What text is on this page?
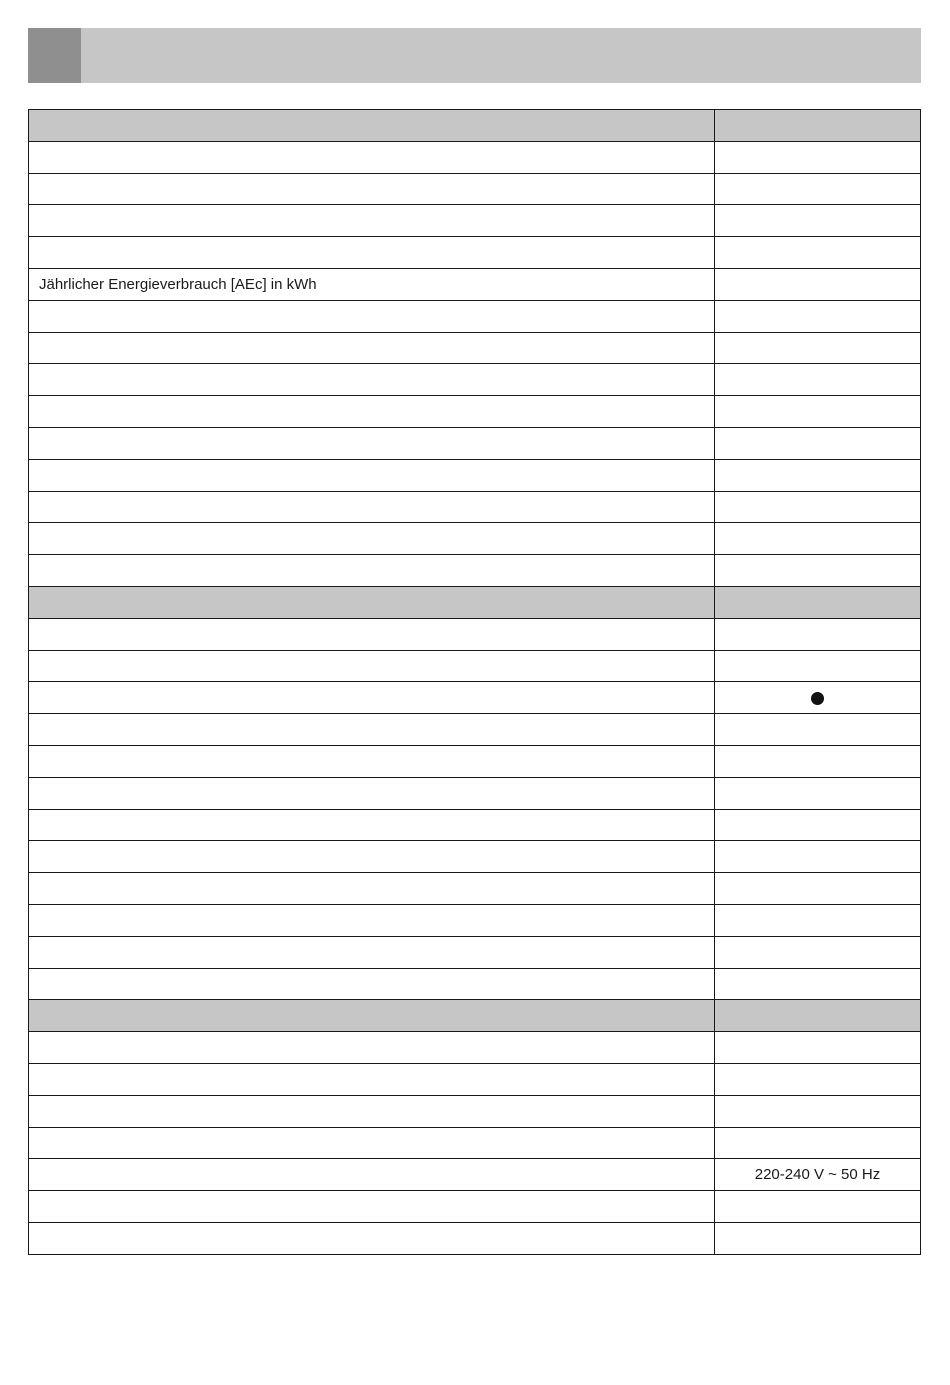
Jährlicher Energieverbrauch [AEc] in kWh	

	220-240 V ~ 50 Hz
